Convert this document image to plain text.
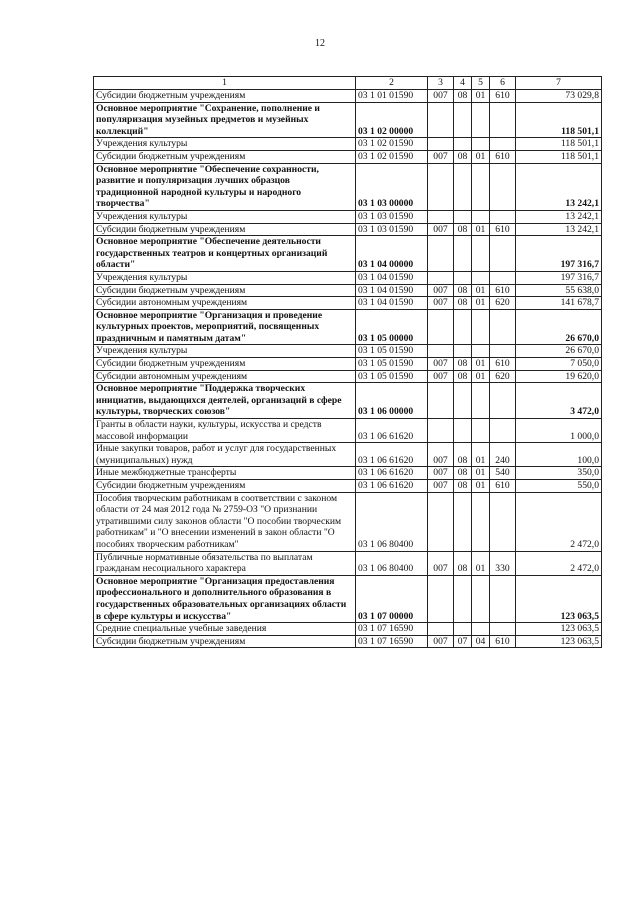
12
1	2	3	4	5	6	7
Субсидии бюджетным учреждениям	03 1 01 01590	007	08	01	610	73 029,8
Основное мероприятие "Сохранение, пополнение и популяризация музейных предметов и музейных коллекций"	03 1 02 00000					118 501,1
Учреждения культуры	03 1 02 01590					118 501,1
Субсидии бюджетным учреждениям	03 1 02 01590	007	08	01	610	118 501,1
Основное мероприятие "Обеспечение сохранности, развитие и популяризация лучших образцов традиционной народной культуры и народного творчества"	03 1 03 00000					13 242,1
Учреждения культуры	03 1 03 01590					13 242,1
Субсидии бюджетным учреждениям	03 1 03 01590	007	08	01	610	13 242,1
Основное мероприятие "Обеспечение деятельности государственных театров и концертных организаций области"	03 1 04 00000					197 316,7
Учреждения культуры	03 1 04 01590					197 316,7
Субсидии бюджетным учреждениям	03 1 04 01590	007	08	01	610	55 638,0
Субсидии автономным учреждениям	03 1 04 01590	007	08	01	620	141 678,7
Основное мероприятие "Организация и проведение культурных проектов, мероприятий, посвященных праздничным и памятным датам"	03 1 05 00000					26 670,0
Учреждения культуры	03 1 05 01590					26 670,0
Субсидии бюджетным учреждениям	03 1 05 01590	007	08	01	610	7 050,0
Субсидии автономным учреждениям	03 1 05 01590	007	08	01	620	19 620,0
Основное мероприятие "Поддержка творческих инициатив, выдающихся деятелей, организаций в сфере культуры, творческих союзов"	03 1 06 00000					3 472,0
Гранты в области науки, культуры, искусства и средств массовой информации	03 1 06 61620					1 000,0
Иные закупки товаров, работ и услуг для государственных (муниципальных) нужд	03 1 06 61620	007	08	01	240	100,0
Иные межбюджетные трансферты	03 1 06 61620	007	08	01	540	350,0
Субсидии бюджетным учреждениям	03 1 06 61620	007	08	01	610	550,0
Пособия творческим работникам в соответствии с законом области от 24 мая 2012 года № 2759-ОЗ "О признании утратившими силу законов области "О пособии творческим работникам" и "О внесении изменений в закон области "О пособиях творческим работникам"	03 1 06 80400					2 472,0
Публичные нормативные обязательства по выплатам гражданам несоциального характера	03 1 06 80400	007	08	01	330	2 472,0
Основное мероприятие "Организация предоставления профессионального и дополнительного образования в государственных образовательных организациях области в сфере культуры и искусства"	03 1 07 00000					123 063,5
Средние специальные учебные заведения	03 1 07 16590					123 063,5
Субсидии бюджетным учреждениям	03 1 07 16590	007	07	04	610	123 063,5
